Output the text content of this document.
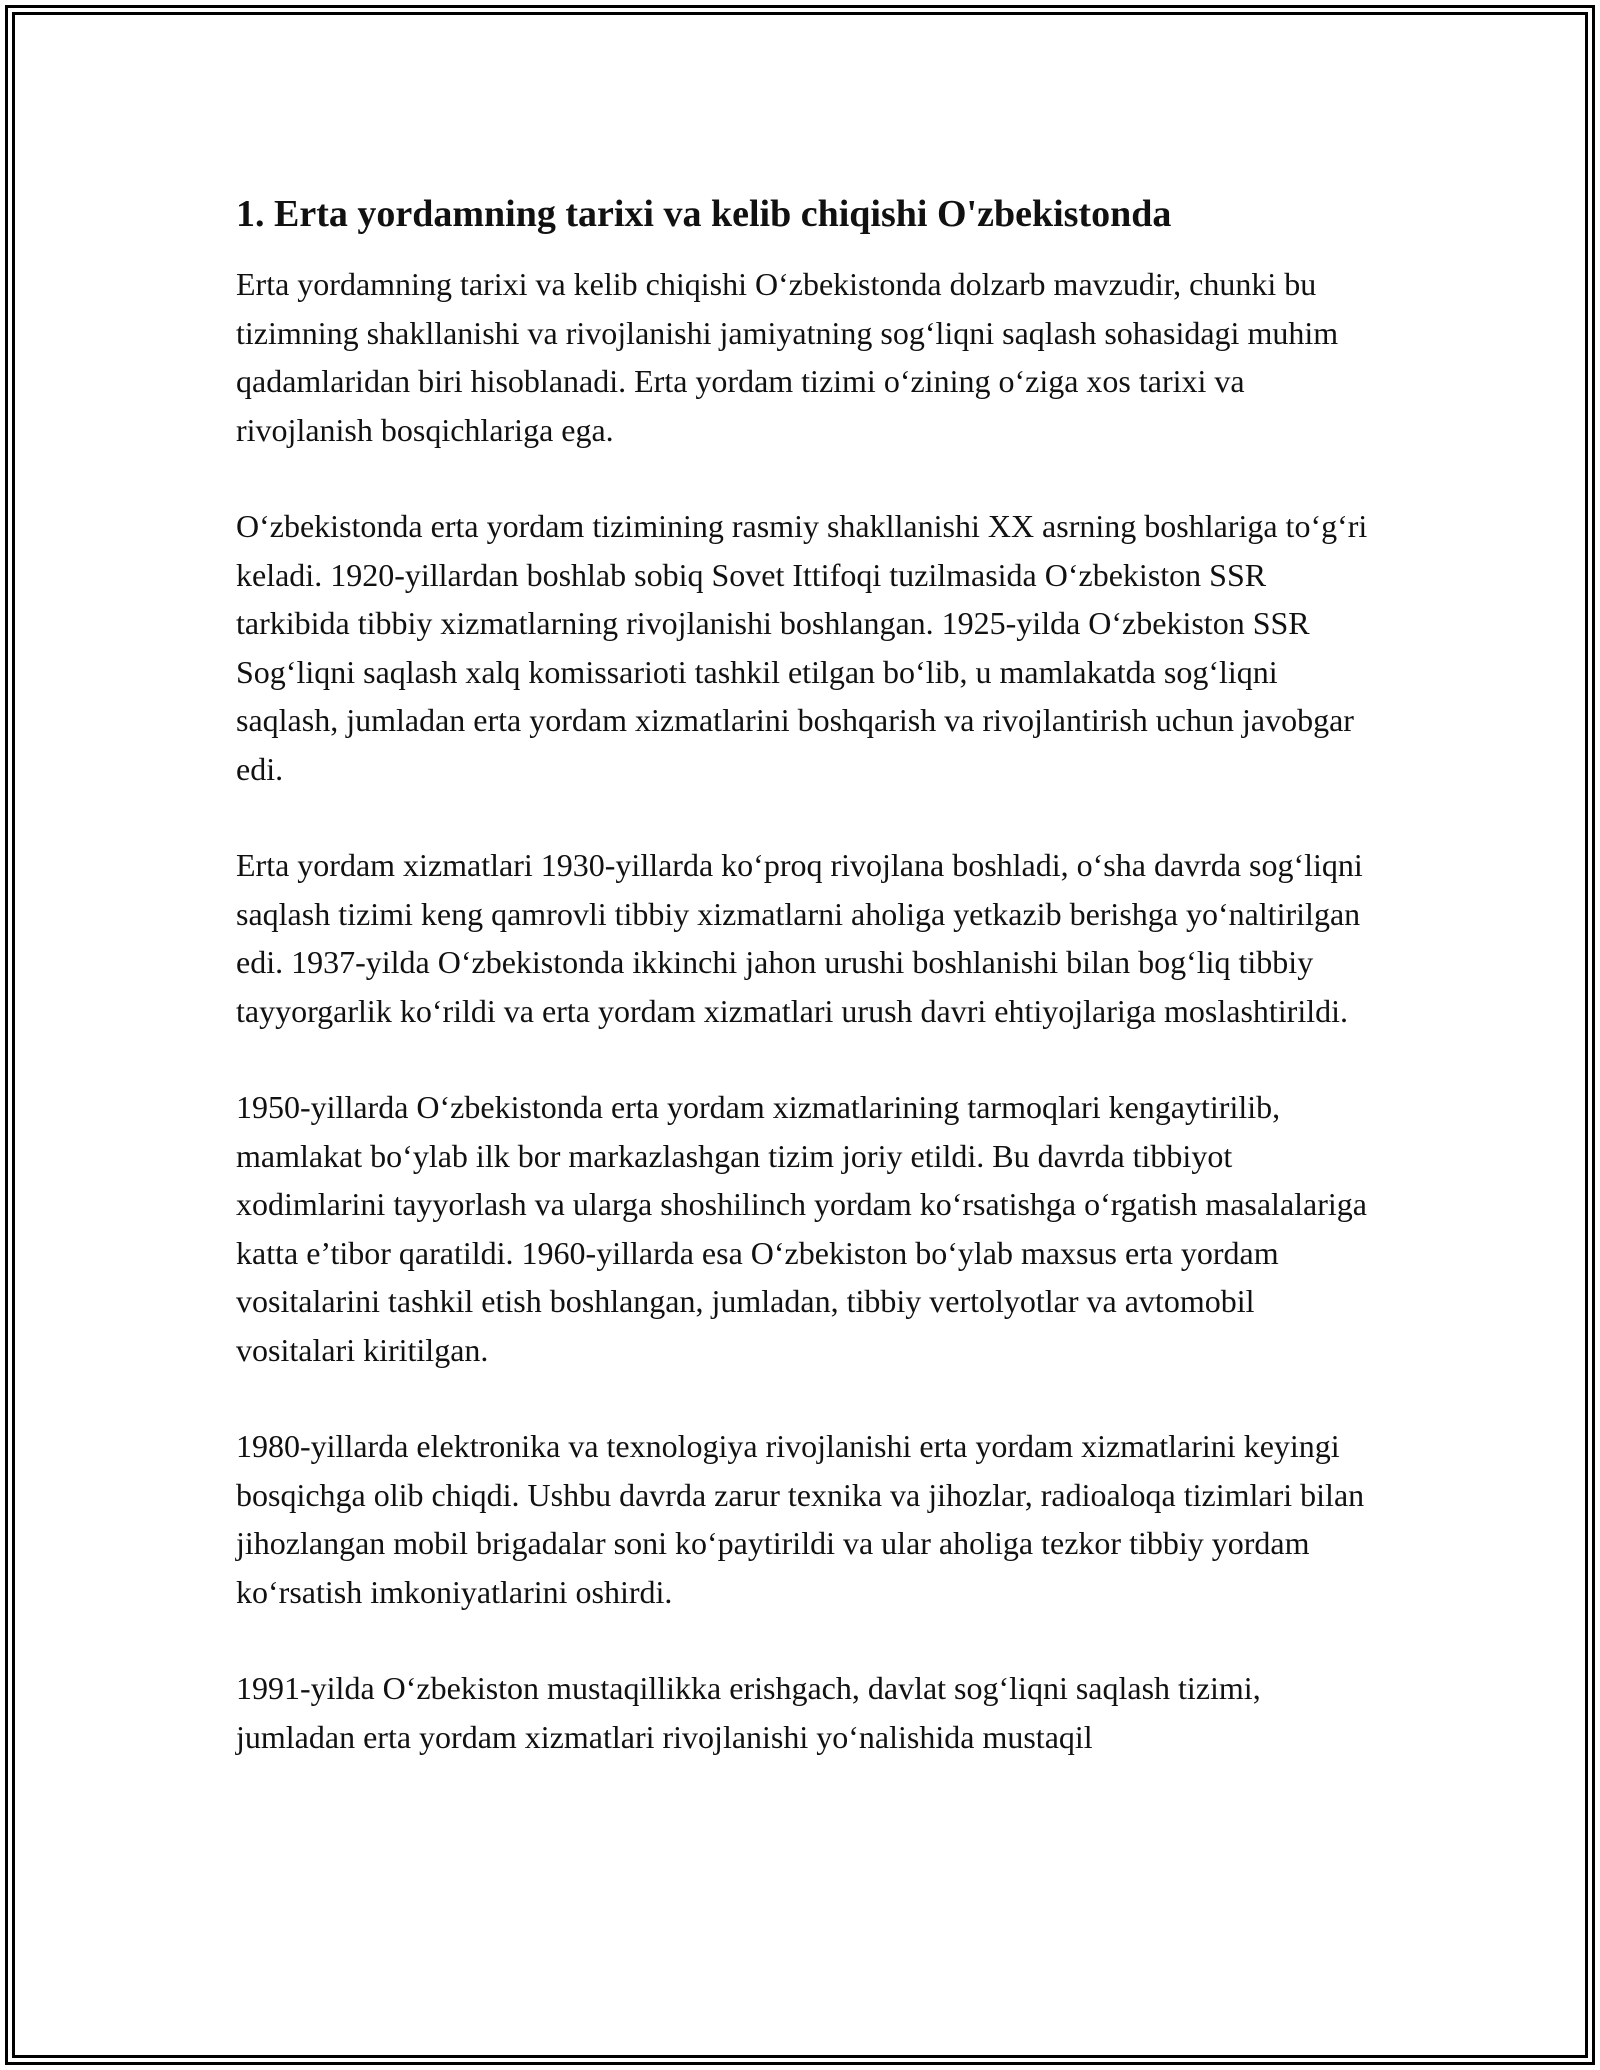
1. Erta yordamning tarixi va kelib chiqishi O'zbekistonda

Erta yordamning tarixi va kelib chiqishi O‘zbekistonda dolzarb mavzudir, chunki bu tizimning shakllanishi va rivojlanishi jamiyatning sog‘liqni saqlash sohasidagi muhim qadamlaridan biri hisoblanadi. Erta yordam tizimi o‘zining o‘ziga xos tarixi va rivojlanish bosqichlariga ega.

O‘zbekistonda erta yordam tizimining rasmiy shakllanishi XX asrning boshlariga to‘g‘ri keladi. 1920-yillardan boshlab sobiq Sovet Ittifoqi tuzilmasida O‘zbekiston SSR tarkibida tibbiy xizmatlarning rivojlanishi boshlangan. 1925-yilda O‘zbekiston SSR Sog‘liqni saqlash xalq komissarioti tashkil etilgan bo‘lib, u mamlakatda sog‘liqni saqlash, jumladan erta yordam xizmatlarini boshqarish va rivojlantirish uchun javobgar edi.

Erta yordam xizmatlari 1930-yillarda ko‘proq rivojlana boshladi, o‘sha davrda sog‘liqni saqlash tizimi keng qamrovli tibbiy xizmatlarni aholiga yetkazib berishga yo‘naltirilgan edi. 1937-yilda O‘zbekistonda ikkinchi jahon urushi boshlanishi bilan bog‘liq tibbiy tayyorgarlik ko‘rildi va erta yordam xizmatlari urush davri ehtiyojlariga moslashtirildi.

1950-yillarda O‘zbekistonda erta yordam xizmatlarining tarmoqlari kengaytirilib, mamlakat bo‘ylab ilk bor markazlashgan tizim joriy etildi. Bu davrda tibbiyot xodimlarini tayyorlash va ularga shoshilinch yordam ko‘rsatishga o‘rgatish masalalariga katta e’tibor qaratildi. 1960-yillarda esa O‘zbekiston bo‘ylab maxsus erta yordam vositalarini tashkil etish boshlangan, jumladan, tibbiy vertolyotlar va avtomobil vositalari kiritilgan.

1980-yillarda elektronika va texnologiya rivojlanishi erta yordam xizmatlarini keyingi bosqichga olib chiqdi. Ushbu davrda zarur texnika va jihozlar, radioaloqa tizimlari bilan jihozlangan mobil brigadalar soni ko‘paytirildi va ular aholiga tezkor tibbiy yordam ko‘rsatish imkoniyatlarini oshirdi.

1991-yilda O‘zbekiston mustaqillikka erishgach, davlat sog‘liqni saqlash tizimi, jumladan erta yordam xizmatlari rivojlanishi yo‘nalishida mustaqil
